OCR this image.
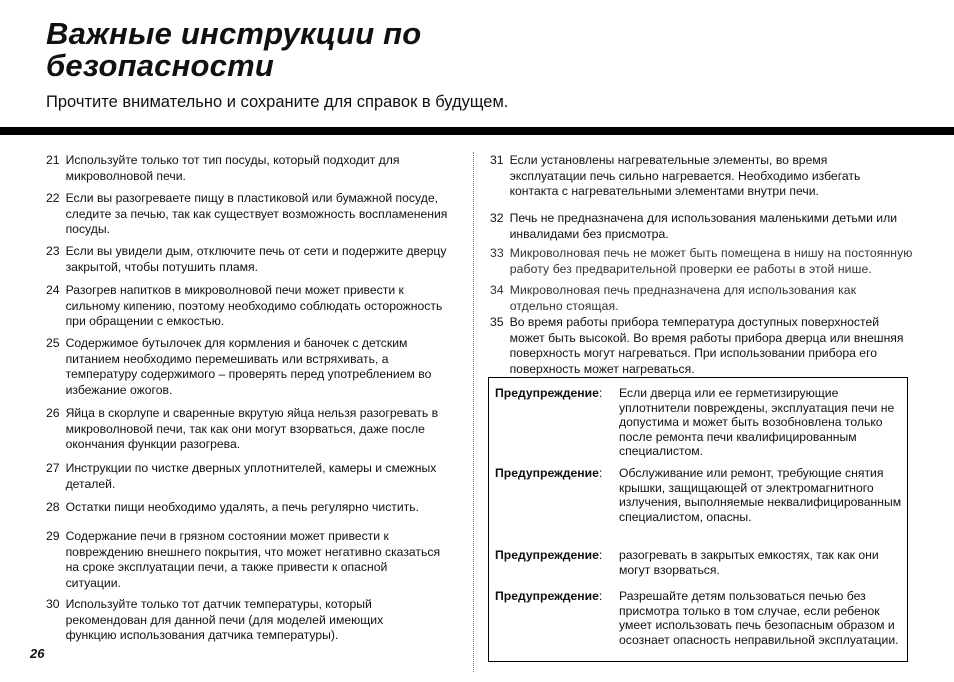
Важные инструкции по
безопасности
Прочтите внимательно и сохраните для справок в будущем.
21 Используйте только тот тип посуды, который подходит для микроволновой печи.
22 Если вы разогреваете пищу в пластиковой или бумажной посуде, следите за печью, так как существует возможность воспламенения посуды.
23 Если вы увидели дым, отключите печь от сети и подержите дверцу закрытой, чтобы потушить пламя.
24 Разогрев напитков в микроволновой печи может привести к сильному кипению, поэтому необходимо соблюдать осторожность при обращении с емкостью.
25 Содержимое бутылочек для кормления и баночек с детским питанием необходимо перемешивать или встряхивать, а температуру содержимого – проверять перед употреблением во избежание ожогов.
26 Яйца в скорлупе и сваренные вкрутую яйца нельзя разогревать в микроволновой печи, так как они могут взорваться, даже после окончания функции разогрева.
27 Инструкции по чистке дверных уплотнителей, камеры и смежных деталей.
28 Остатки пищи необходимо удалять, а печь регулярно чистить.
29 Содержание печи в грязном состоянии может привести к повреждению внешнего покрытия, что может негативно сказаться на сроке эксплуатации печи, а также привести к опасной ситуации.
30 Используйте только тот датчик температуры, который рекомендован для данной печи (для моделей имеющих функцию использования датчика температуры).
31 Если установлены нагревательные элементы, во время эксплуатации печь сильно нагревается. Необходимо избегать контакта с нагревательными элементами внутри печи.
32 Печь не предназначена для использования маленькими детьми или инвалидами без присмотра.
33 Микроволновая печь не может быть помещена в нишу на постоянную работу без предварительной проверки ее работы в этой нише.
34 Микроволновая печь предназначена для использования как отдельно стоящая.
35 Во время работы прибора температура доступных поверхностей может быть высокой. Во время работы прибора дверца или внешняя поверхность могут нагреваться. При использовании прибора его поверхность может нагреваться.
Предупреждение:	Если дверца или ее герметизирующие уплотнители повреждены, эксплуатация печи не допустима и может быть возобновлена только после ремонта печи квалифицированным специалистом.
Предупреждение:	Обслуживание или ремонт, требующие снятия крышки, защищающей от электромагнитного излучения, выполняемые неквалифицированным специалистом, опасны.
Предупреждение:	разогревать в закрытых емкостях, так как они могут взорваться.
Предупреждение:	Разрешайте детям пользоваться печью без присмотра только в том случае, если ребенок умеет использовать печь безопасным образом и осознает опасность неправильной эксплуатации.
26
